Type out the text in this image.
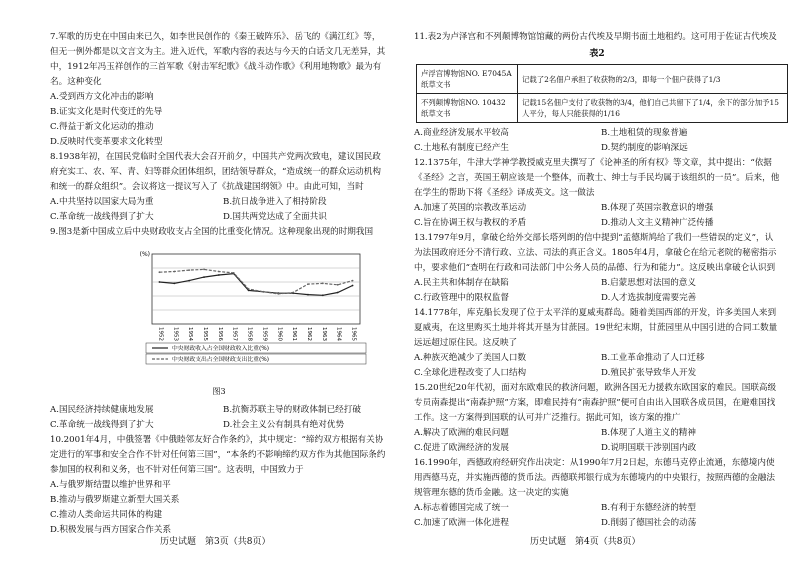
7.军歌的历史在中国由来已久，如李世民创作的《秦王破阵乐》、岳飞的《满江红》等，但无一例外都是以文言文为主。进入近代，军歌内容的表达与今天的白话文几无差异，其中，1912年冯玉祥创作的三首军歌《射击军纪歌》《战斗动作歌》《利用地物歌》最为有名。这种变化
A.受到西方文化冲击的影响
B.证实文化是时代变迁的先导
C.得益于新文化运动的推动
D.反映时代变革要求文化转型
8.1938年初，在国民党临时全国代表大会召开前夕，中国共产党两次致电，建议国民政府充实工、农、军、青、妇等群众团体组织，团结领导群众，“造成统一的群众运动机构和统一的群众组织”。会议将这一提议写入了《抗战建国纲领》中。由此可知，当时
A.中共坚持以国家大局为重	B.抗日战争进入了相持阶段
C.革命统一战线得到了扩大	D.国共两党达成了全面共识
9.图3是新中国成立后中央财政收支占全国的比重变化情况。这种现象出现的时期我国
(%)
1952 1953 1954 1955 1956 1957 1958 1959 1960 1961 1962 1963 1964 1965
中央财政收入占全国财政收入比重(%)
中央财政支出占全国财政支出比重(%)
图3
A.国民经济持续健康地发展	B.抗衡苏联主导的财政体制已经打破
C.革命统一战线得到了扩大	D.社会主义公有制具有绝对优势
10.2001年4月，中俄签署《中俄睦邻友好合作条约》，其中规定：“缔约双方根据有关协定进行的军事和安全合作不针对任何第三国”，“本条约不影响缔约双方作为其他国际条约参加国的权利和义务，也不针对任何第三国”。这表明，中国致力于
A.与俄罗斯结盟以维护世界和平
B.推动与俄罗斯建立新型大国关系
C.推动人类命运共同体的构建
D.积极发展与西方国家合作关系
历史试题　第3页（共8页）
11.表2为卢泽宫和不列颠博物馆馆藏的两份古代埃及早期书面土地租约。这可用于佐证古代埃及
表2
卢浮宫博物馆NO. E7045A纸草文书	记载了2名佃户承担了收获物的2/3，即每一个佃户获得了1/3
不列颠博物馆NO. 10432纸草文书	记载15名佃户支付了收获物的3/4，他们自己共留下了1/4，余下的部分加予15人平分，每人只能获得的1/16
A.商业经济发展水平较高	B.土地租赁的现象普遍
C.土地私有制度已经产生	D.契约制度的影响深远
12.1375年，牛津大学神学教授威克里夫撰写了《论神圣的所有权》等文章，其中提出：“依据《圣经》之言，英国王朝应该是一个整体，而教士、绅士与手民均属于该组织的一员”。后来，他在学生的帮助下将《圣经》译成英文。这一做法
A.加速了英国的宗教改革运动	B.体现了英国宗教意识的增强
C.旨在协调王权与教权的矛盾	D.推动人文主义精神广泛传播
13.1797年9月，拿破仑给外交部长塔列朗的信中提到“孟德斯鸠给了我们一些错误的定义”，认为法国政府还分不清行政、立法、司法的真正含义。1805年4月，拿破仑在给元老院的秘密指示中，要求他们“查明在行政和司法部门中公务人员的品德、行为和能力”。这反映出拿破仑认识到
A.民主共和体制存在缺陷	B.启蒙思想对法国的意义
C.行政管理中的限权监督	D.人才选拔制度需要完善
14.1778年，库克船长发现了位于太平洋的夏威夷群岛。随着美国西部的开发，许多美国人来到夏威夷，在这里购买土地并将其开垦为甘蔗园。19世纪末期，甘蔗园里从中国引进的合同工数量远远超过原住民。这反映了
A.种族灭绝减少了美国人口数	B.工业革命推动了人口迁移
C.全球化进程改变了人口结构	D.殖民扩张导致华人开发
15.20世纪20年代初，面对东欧难民的救济问题，欧洲各国无力援救东欧国家的难民。国联高级专员南森提出“南森护照”方案，即难民持有“南森护照”便可自由出入国联各成员国，在避难国找工作。这一方案得到国联的认可并广泛推行。据此可知，该方案的推广
A.解决了欧洲的难民问题	B.体现了人道主义的精神
C.促进了欧洲经济的发展	D.说明国联干涉别国内政
16.1990年，西德政府经研究作出决定：从1990年7月2日起，东德马克停止流通，东德境内使用西德马克，并实施西德的货币法。西德联邦银行成为东德境内的中央银行，按照西德的金融法规管理东德的货币金融。这一决定的实施
A.标志着德国完成了统一	B.有利于东德经济的转型
C.加速了欧洲一体化进程	D.削弱了德国社会的动荡
历史试题　第4页（共8页）
